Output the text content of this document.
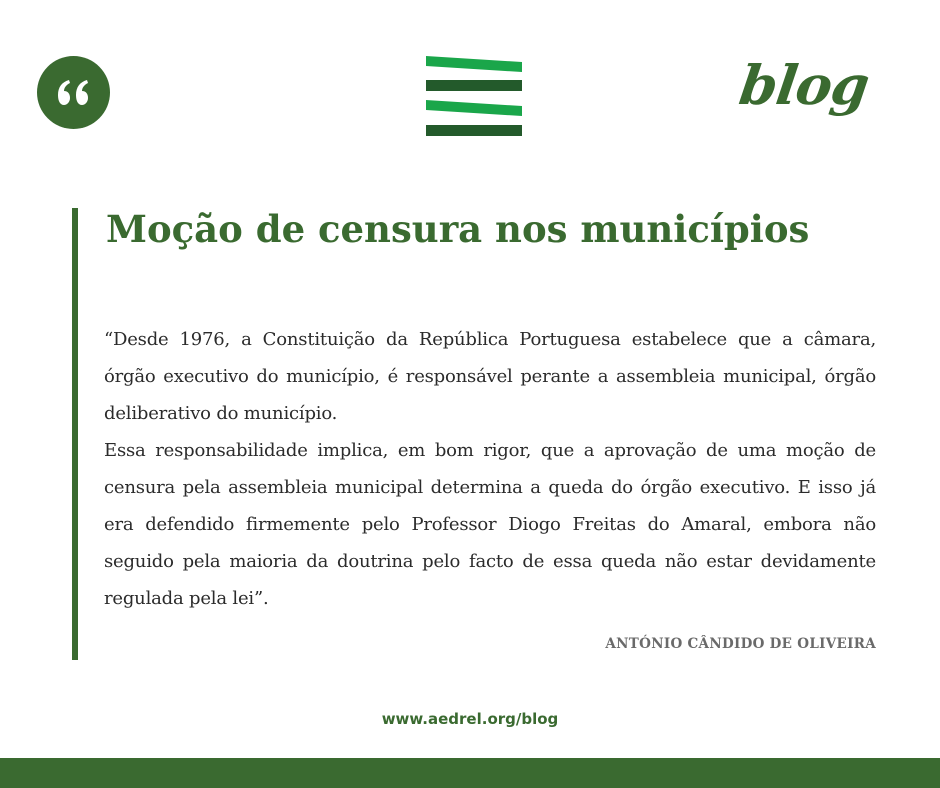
blog
Moção de censura nos municípios

“Desde 1976, a Constituição da República Portuguesa estabelece que a câmara, órgão executivo do município, é responsável perante a assembleia municipal, órgão deliberativo do município.

Essa responsabilidade implica, em bom rigor, que a aprovação de uma moção de censura pela assembleia municipal determina a queda do órgão executivo. E isso já era defendido firmemente pelo Professor Diogo Freitas do Amaral, embora não seguido pela maioria da doutrina pelo facto de essa queda não estar devidamente regulada pela lei”.

ANTÓNIO CÂNDIDO DE OLIVEIRA
www.aedrel.org/blog
